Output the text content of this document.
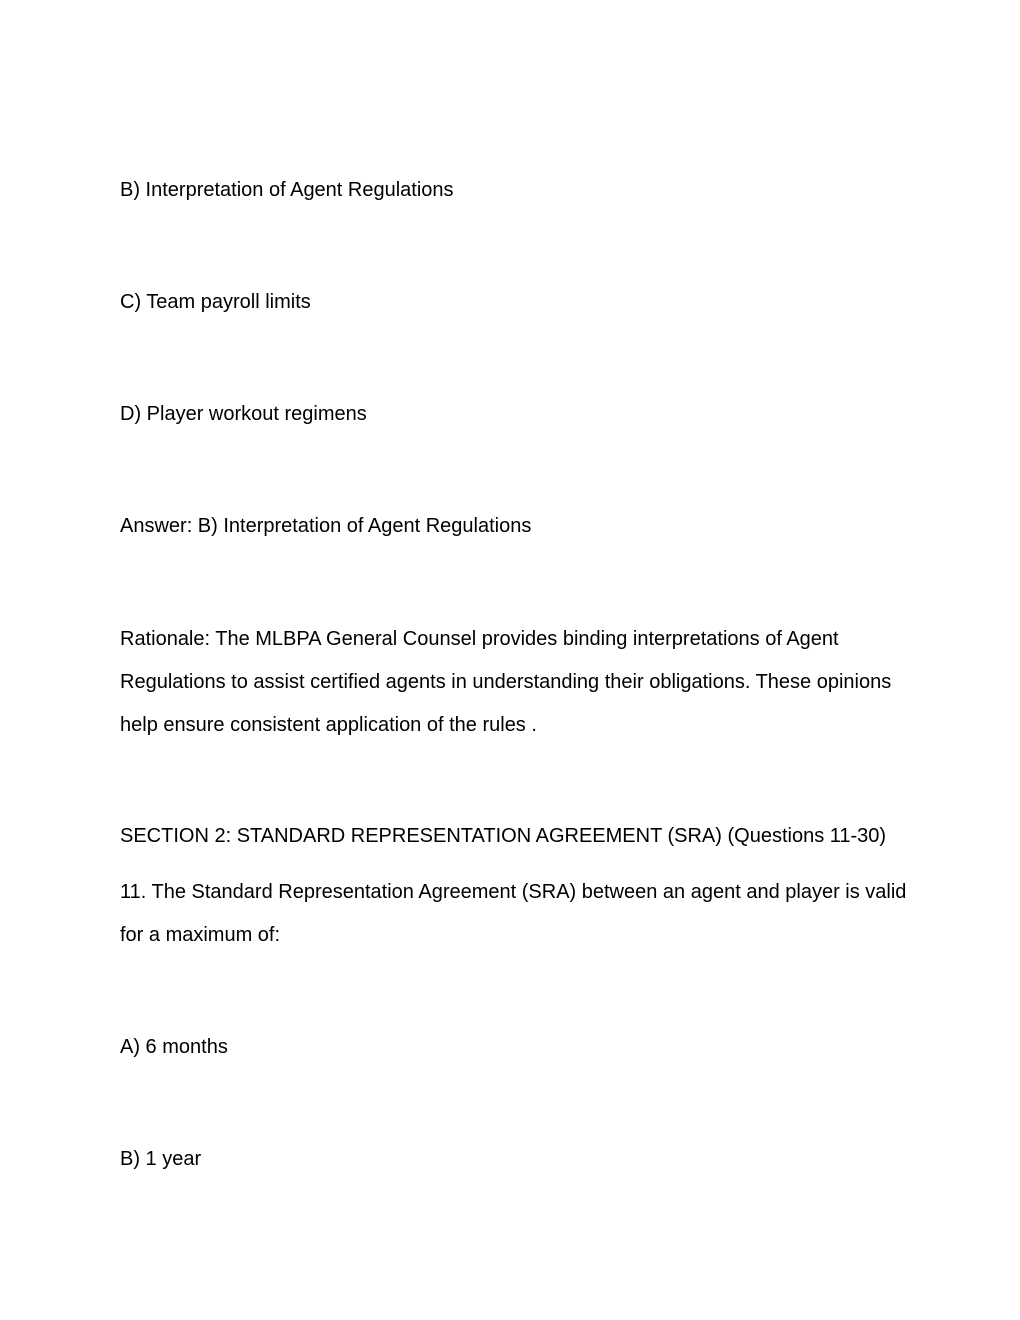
B) Interpretation of Agent Regulations
C) Team payroll limits
D) Player workout regimens
Answer: B) Interpretation of Agent Regulations
Rationale: The MLBPA General Counsel provides binding interpretations of Agent Regulations to assist certified agents in understanding their obligations. These opinions help ensure consistent application of the rules .
SECTION 2: STANDARD REPRESENTATION AGREEMENT (SRA) (Questions 11-30)
11. The Standard Representation Agreement (SRA) between an agent and player is valid for a maximum of:
A) 6 months
B) 1 year
